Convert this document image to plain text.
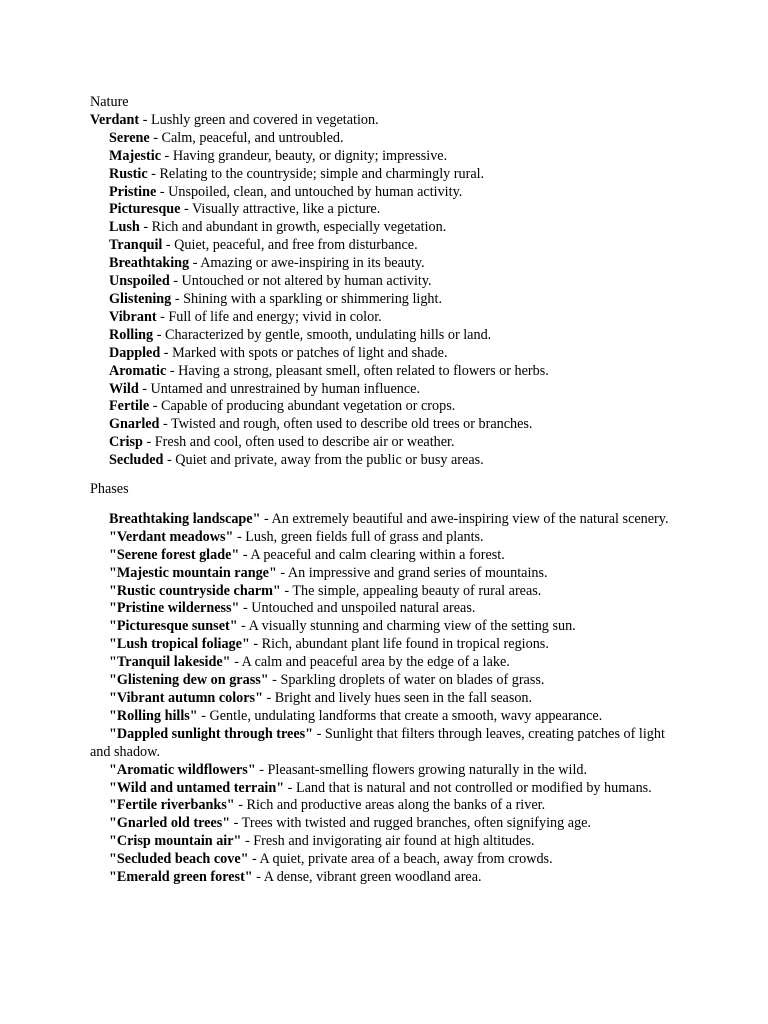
Nature

Verdant - Lushly green and covered in vegetation.

Serene - Calm, peaceful, and untroubled.

Majestic - Having grandeur, beauty, or dignity; impressive.

Rustic - Relating to the countryside; simple and charmingly rural.

Pristine - Unspoiled, clean, and untouched by human activity.

Picturesque - Visually attractive, like a picture.

Lush - Rich and abundant in growth, especially vegetation.

Tranquil - Quiet, peaceful, and free from disturbance.

Breathtaking - Amazing or awe-inspiring in its beauty.

Unspoiled - Untouched or not altered by human activity.

Glistening - Shining with a sparkling or shimmering light.

Vibrant - Full of life and energy; vivid in color.

Rolling - Characterized by gentle, smooth, undulating hills or land.

Dappled - Marked with spots or patches of light and shade.

Aromatic - Having a strong, pleasant smell, often related to flowers or herbs.

Wild - Untamed and unrestrained by human influence.

Fertile - Capable of producing abundant vegetation or crops.

Gnarled - Twisted and rough, often used to describe old trees or branches.

Crisp - Fresh and cool, often used to describe air or weather.

Secluded - Quiet and private, away from the public or busy areas.

Phases

Breathtaking landscape" - An extremely beautiful and awe-inspiring view of the natural scenery.

"Verdant meadows" - Lush, green fields full of grass and plants.

"Serene forest glade" - A peaceful and calm clearing within a forest.

"Majestic mountain range" - An impressive and grand series of mountains.

"Rustic countryside charm" - The simple, appealing beauty of rural areas.

"Pristine wilderness" - Untouched and unspoiled natural areas.

"Picturesque sunset" - A visually stunning and charming view of the setting sun.

"Lush tropical foliage" - Rich, abundant plant life found in tropical regions.

"Tranquil lakeside" - A calm and peaceful area by the edge of a lake.

"Glistening dew on grass" - Sparkling droplets of water on blades of grass.

"Vibrant autumn colors" - Bright and lively hues seen in the fall season.

"Rolling hills" - Gentle, undulating landforms that create a smooth, wavy appearance.

"Dappled sunlight through trees" - Sunlight that filters through leaves, creating patches of light and shadow.

"Aromatic wildflowers" - Pleasant-smelling flowers growing naturally in the wild.

"Wild and untamed terrain" - Land that is natural and not controlled or modified by humans.

"Fertile riverbanks" - Rich and productive areas along the banks of a river.

"Gnarled old trees" - Trees with twisted and rugged branches, often signifying age.

"Crisp mountain air" - Fresh and invigorating air found at high altitudes.

"Secluded beach cove" - A quiet, private area of a beach, away from crowds.

"Emerald green forest" - A dense, vibrant green woodland area.
